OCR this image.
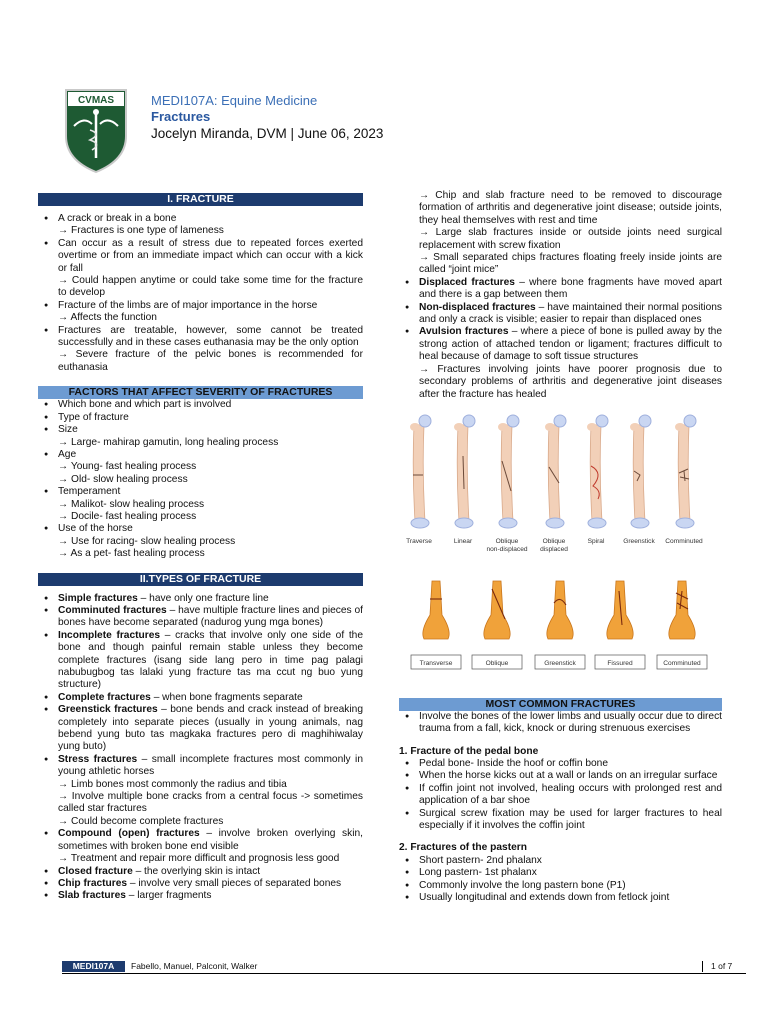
CVMAS	MEDI107A: Equine Medicine
Fractures
Jocelyn Miranda, DVM | June 06, 2023
I. FRACTURE
● A crack or break in a bone
→ Fractures is one type of lameness
● Can occur as a result of stress due to repeated forces exerted overtime or from an immediate impact which can occur with a kick or fall
→ Could happen anytime or could take some time for the fracture to develop
● Fracture of the limbs are of major importance in the horse
→ Affects the function
● Fractures are treatable, however, some cannot be treated successfully and in these cases euthanasia may be the only option
→ Severe fracture of the pelvic bones is recommended for euthanasia
FACTORS THAT AFFECT SEVERITY OF FRACTURES
● Which bone and which part is involved
● Type of fracture
● Size
→ Large- mahirap gamutin, long healing process
● Age
→ Young- fast healing process
→ Old- slow healing process
● Temperament
→ Malikot- slow healing process
→ Docile- fast healing process
● Use of the horse
→ Use for racing- slow healing process
→ As a pet- fast healing process
II.TYPES OF FRACTURE
● Simple fractures – have only one fracture line
● Comminuted fractures – have multiple fracture lines and pieces of bones have become separated (nadurog yung mga bones)
● Incomplete fractures – cracks that involve only one side of the bone and though painful remain stable unless they become complete fractures (isang side lang pero in time pag palagi nabubugbog tas lalaki yung fracture tas ma ccut ng buo yung structure)
● Complete fractures – when bone fragments separate
● Greenstick fractures – bone bends and crack instead of breaking completely into separate pieces (usually in young animals, nag bebend yung buto tas magkaka fractures pero di maghihiwalay yung buto)
● Stress fractures – small incomplete fractures most commonly in young athletic horses
→ Limb bones most commonly the radius and tibia
→ Involve multiple bone cracks from a central focus -> sometimes called star fractures
→ Could become complete fractures
● Compound (open) fractures – involve broken overlying skin, sometimes with broken bone end visible
→ Treatment and repair more difficult and prognosis less good
● Closed fracture – the overlying skin is intact
● Chip fractures – involve very small pieces of separated bones
● Slab fractures – larger fragments
→ Chip and slab fracture need to be removed to discourage formation of arthritis and degenerative joint disease; outside joints, they heal themselves with rest and time
→ Large slab fractures inside or outside joints need surgical replacement with screw fixation
→ Small separated chips fractures floating freely inside joints are called “joint mice”
● Displaced fractures – where bone fragments have moved apart and there is a gap between them
● Non-displaced fractures – have maintained their normal positions and only a crack is visible; easier to repair than displaced ones
● Avulsion fractures – where a piece of bone is pulled away by the strong action of attached tendon or ligament; fractures difficult to heal because of damage to soft tissue structures
→ Fractures involving joints have poorer prognosis due to secondary problems of arthritis and degenerative joint diseases after the fracture has healed
Traverse	Linear	Oblique
non-displaced
Oblique
displaced
Spiral	Greenstick Comminuted

Transverse	Oblique	Greenstick	Fissured	Comminuted
MOST COMMON FRACTURES
● Involve the bones of the lower limbs and usually occur due to direct trauma from a fall, kick, knock or during strenuous exercises
1. Fracture of the pedal bone
● Pedal bone- Inside the hoof or coffin bone
● When the horse kicks out at a wall or lands on an irregular surface
● If coffin joint not involved, healing occurs with prolonged rest and application of a bar shoe
● Surgical screw fixation may be used for larger fractures to heal especially if it involves the coffin joint
2. Fractures of the pastern
● Short pastern- 2nd phalanx
● Long pastern- 1st phalanx
● Commonly involve the long pastern bone (P1)
● Usually longitudinal and extends down from fetlock joint
MEDI107A	Fabello, Manuel, Palconit, Walker	1 of 7
